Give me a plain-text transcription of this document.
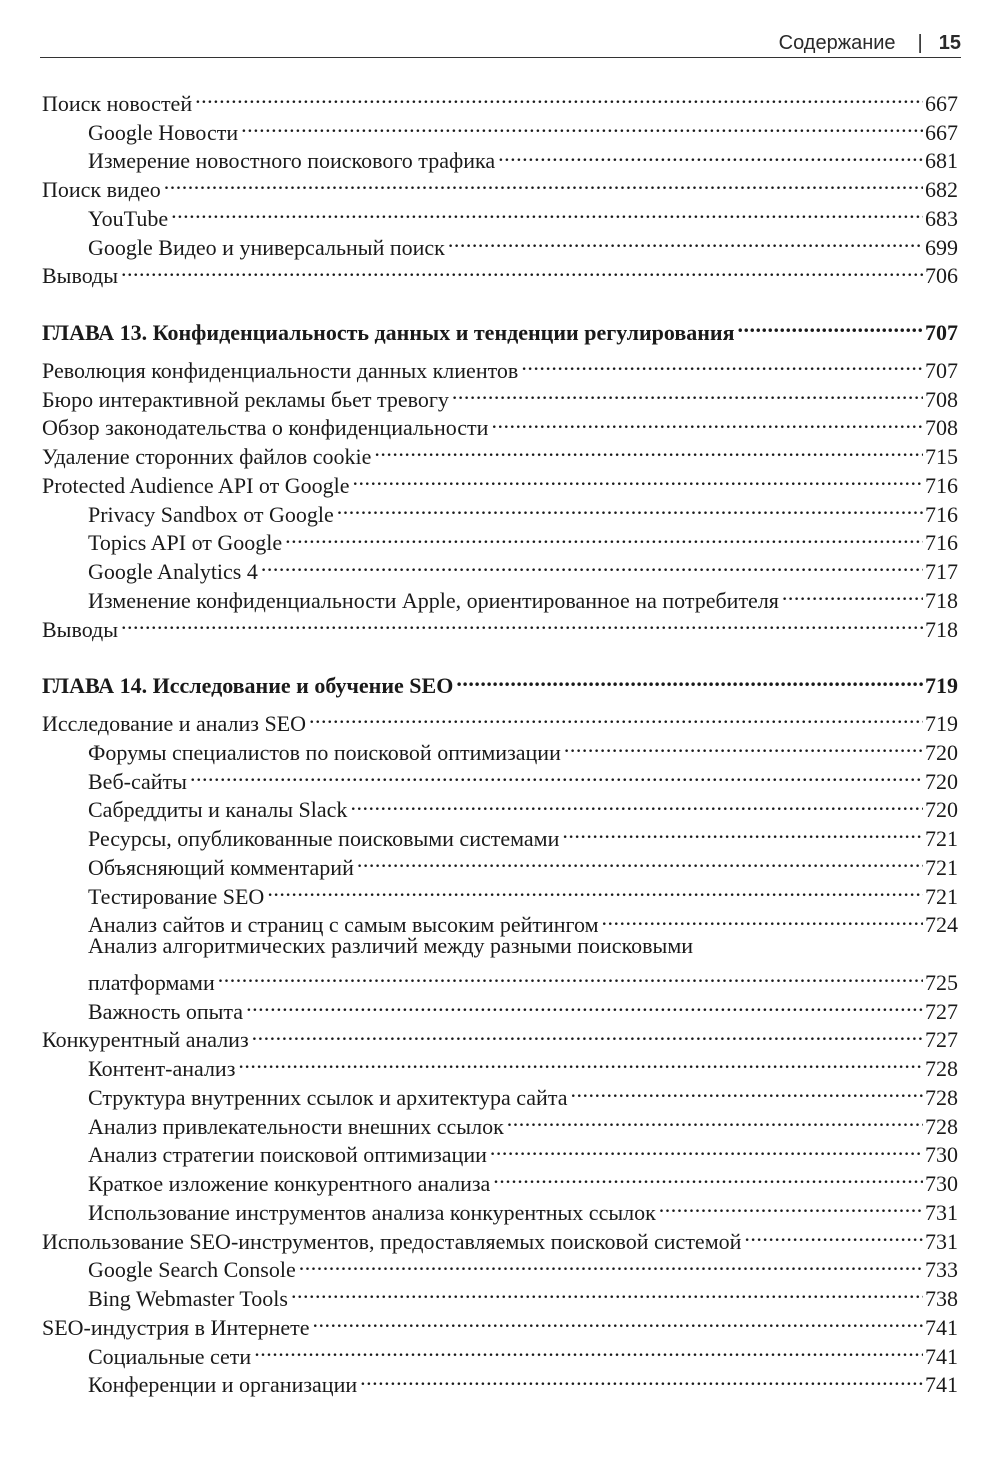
Содержание | 15
Поиск новостей .....	667
Google Новости .....	667
Измерение новостного поискового трафика .....	681
Поиск видео .....	682
YouTube .....	683
Google Видео и универсальный поиск .....	699
Выводы .....	706
ГЛАВА 13. Конфиденциальность данных и тенденции регулирования .....	707
Революция конфиденциальности данных клиентов .....	707
Бюро интерактивной рекламы бьет тревогу .....	708
Обзор законодательства о конфиденциальности .....	708
Удаление сторонних файлов cookie .....	715
Protected Audience API от Google .....	716
Privacy Sandbox от Google .....	716
Topics API от Google .....	716
Google Analytics 4 .....	717
Изменение конфиденциальности Apple, ориентированное на потребителя .....	718
Выводы .....	718
ГЛАВА 14. Исследование и обучение SEO .....	719
Исследование и анализ SEO .....	719
Форумы специалистов по поисковой оптимизации .....	720
Веб-сайты .....	720
Сабреддиты и каналы Slack .....	720
Ресурсы, опубликованные поисковыми системами .....	721
Объясняющий комментарий .....	721
Тестирование SEO .....	721
Анализ сайтов и страниц с самым высоким рейтингом .....	724
Анализ алгоритмических различий между разными поисковыми
платформами .....	725
Важность опыта .....	727
Конкурентный анализ .....	727
Контент-анализ .....	728
Структура внутренних ссылок и архитектура сайта .....	728
Анализ привлекательности внешних ссылок .....	728
Анализ стратегии поисковой оптимизации .....	730
Краткое изложение конкурентного анализа .....	730
Использование инструментов анализа конкурентных ссылок .....	731
Использование SEO-инструментов, предоставляемых поисковой системой .....	731
Google Search Console .....	733
Bing Webmaster Tools .....	738
SEO-индустрия в Интернете .....	741
Социальные сети .....	741
Конференции и организации .....	741
